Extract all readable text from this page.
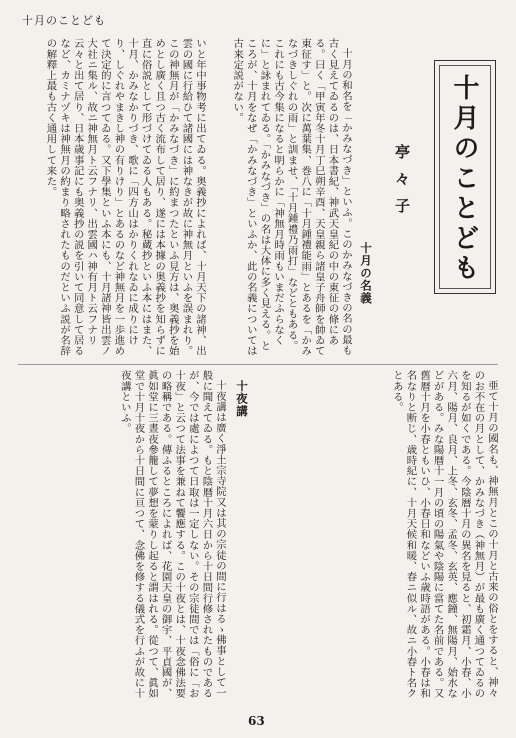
十月のことども
十月のことども
亭々子
十月の名義

十月の和名を「かみなづき」といふ。このかみなづきの名の最も古く見えてゐるのは、日本書紀、神武天皇紀の中の東征の條にある。曰く「甲寅年冬十月丁巳朔辛酉、天皇親ら諸皇子舟師を帥ゐて東征す」と。次に萬葉集、巻八に「十月鍾禮能雨」とあるを「かみなづきしぐれの雨」と訓ませ、「十月鍾禮乃雨打」などともある。これにも古今集になると明らかに「神無月時雨もいまだふらなくに」と詠まれてゐる。「かみなづき」の名は大体に多く見える。ところが、十月をなぜ「かみなづき」といふか、此の名義については古来定説がない。

いと年中事物考に出てゐる。奥義抄によれば、十月天下の諸神、出雲の國に行給ひて諸國には神なきが故に神無月といふを誤まれり。この神無月が「かみなづき」に約まつたといふ見方は、奥義抄を始めとし廣く且つ古く流布して居り、遂には本據の奥義抄を知らずに直に俗説として形づけてゐる人もある。秘蔵抄といふ本にはまた、十月、かみなかりづき、歌に「四方山はかりくれなゐに成りにけり、しぐれやまきし神の有りけり」とあるのなど神無月を一歩進めて決定的に言つてゐる。又下學集といふ本にも、十月諸神皆出雲ノ大社ニ集ル、故ニ神無月ト云フナリ、出雲國ハ神有月ト云フナリ云々と出て居り、日本歳事記にも奥義抄の説を引いて同意して居るなど、カミナヅキは神無月の約まり略されたものだといふ説が名辞の解釋上最も古く通用して来た。

亜て十月の國名も、神無月とこの十月と古来の俗とをすると、神々のお不在の月として、かみなづき（神無月）が最も廣く通つてゐるのを知るが如くである。今陰暦十月の異名を見ると、初霜月、小春、小六月、陽月、良月、上冬、玄冬、孟冬、玄英、應鐘、無陽月、始水などがある。みな陽暦十一月の頃の陽氣や陰陽に當てた名前である。又舊暦十月を小春ともいひ、小春日和などいふ歳時語がある。小春は和名なりと断じ、歳時紀に、十月天候和暖、春ニ似ル、故ニ小春ト名クとある。

十夜講

十夜講は廣く淨土宗寺院又は其の宗徒の間に行はるゝ佛事として一般に聞えてゐる。もと陰暦十月六日から十日間行修されたものであるが、今では處によつて日取は一定しない。その宗徒間では「俗に「お十夜」と云つて法事を兼ねて饗應する。この十夜とは、十夜念佛法要の略稱である。傳ふるところによれば、花園天皇の御宇、平貞國が、眞如堂に三晝夜參籠して夢想を蒙りし起ると謂はれる。從つて、眞如堂で十月十夜から十日間に亘つて、念佛を修する儀式を行ふが故に十夜講といふ。

63
